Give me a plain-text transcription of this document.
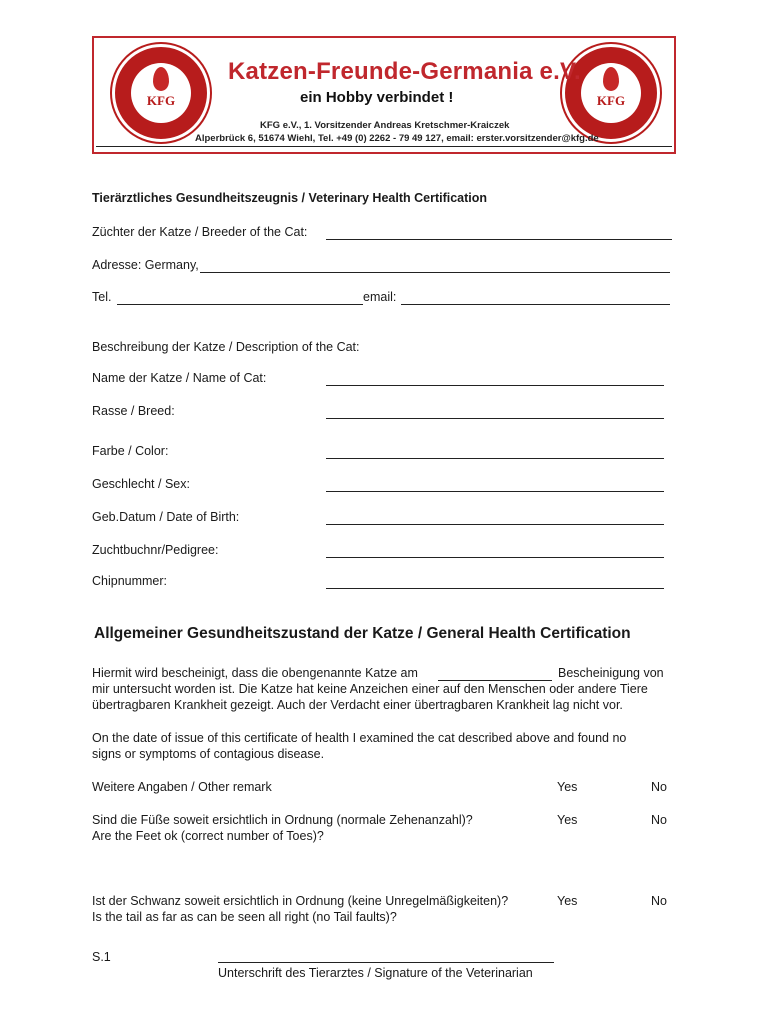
KFG	KFG
Katzen-Freunde-Germania e.V.
ein Hobby verbindet !
KFG e.V., 1. Vorsitzender Andreas Kretschmer-Kraiczek
Alperbrück 6, 51674 Wiehl, Tel. +49 (0) 2262 - 79 49 127, email: erster.vorsitzender@kfg.de
Tierärztliches Gesundheitszeugnis / Veterinary Health Certification
Züchter der Katze / Breeder of the Cat:
Adresse: Germany,
Tel.	email:
Beschreibung der Katze / Description of the Cat:
Name der Katze / Name of Cat:
Rasse / Breed:
Farbe / Color:
Geschlecht / Sex:
Geb.Datum / Date of Birth:
Zuchtbuchnr/Pedigree:
Chipnummer:
Allgemeiner Gesundheitszustand der Katze / General Health Certification
Hiermit wird bescheinigt, dass die obengenannte Katze am	Bescheinigung von
mir untersucht worden ist. Die Katze hat keine Anzeichen einer auf den Menschen oder andere Tiere
übertragbaren Krankheit gezeigt. Auch der Verdacht einer übertragbaren Krankheit lag nicht vor.
On the date of issue of this certificate of health I examined the cat described above and found no
signs or symptoms of contagious disease.
Weitere Angaben / Other remark	Yes	No
Sind die Füße soweit ersichtlich in Ordnung (normale Zehenanzahl)?
Are the Feet ok (correct number of Toes)?
Yes	No
Ist der Schwanz soweit ersichtlich in Ordnung (keine Unregelmäßigkeiten)?
Is the tail as far as can be seen all right (no Tail faults)?
Yes	No
S.1
Unterschrift des Tierarztes / Signature of the Veterinarian
